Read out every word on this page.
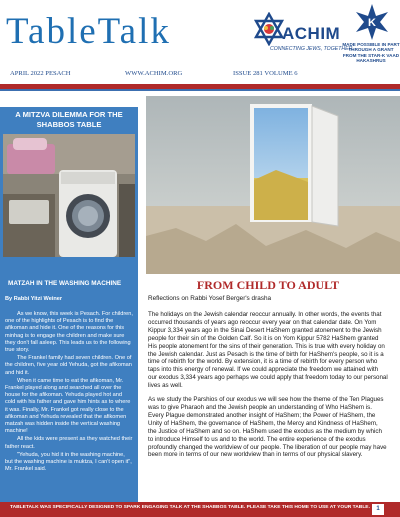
TableTalk	ACHIM
CONNECTING JEWS, TOGETHER
K
MADE POSSIBLE IN PART THROUGH A GRANT FROM THE STAR-K VAAD HAKASHRUS
APRIL 2022 PESACH	WWW.ACHIM.ORG	ISSUE 281 VOLUME 6
A MITZVA DILEMMA FOR THE SHABBOS TABLE
MATZAH IN THE WASHING MACHINE
By Rabbi Yitzi Weiner

As we know, this week is Pesach. For children, one of the highlights of Pesach is to find the afikoman and hide it. One of the reasons for this minhag is to engage the children and make sure they don't fall asleep. This leads us to the following true story.

The Frankel family had seven children. One of the children, five year old Yehuda, got the afikoman and hid it.

When it came time to eat the afikoman, Mr. Frankel played along and searched all over the house for the afikoman. Yehuda played hot and cold with his father and gave him hints as to where it was. Finally, Mr. Frankel got really close to the afikoman and Yehuda revealed that the afikomen matzah was hidden inside the vertical washing machine!

All the kids were present as they watched their father react.

"Yehuda, you hid it in the washing machine, but the washing machine is muktza, I can't open it", Mr. Frankel said.

FROM CHILD TO ADULT
Reflections on Rabbi Yosef Berger's drasha

The holidays on the Jewish calendar reoccur annually. In other words, the events that occurred thousands of years ago reoccur every year on that calendar date. On Yom Kippur 3,334 years ago in the Sinai Desert HaShem granted atonement to the Jewish people for their sin of the Golden Calf. So it is on Yom Kippur 5782 HaShem granted His people atonement for the sins of their generation. This is true with every holiday on the Jewish calendar. Just as Pesach is the time of birth for HaShem's people, so it is a time of rebirth for the world. By extension, it is a time of rebirth for every person who taps into this energy of renewal. If we could appreciate the freedom we attained with our exodus 3,334 years ago perhaps we could apply that freedom today to our personal lives as well.

As we study the Parshios of our exodus we will see how the theme of the Ten Plagues was to give Pharaoh and the Jewish people an understanding of Who HaShem is. Every Plague demonstrated another insight of HaShem; the Power of HaShem, the Unity of HaShem, the governance of HaShem, the Mercy and Kindness of HaShem, the Justice of HaShem and so on. HaShem used the exodus as the medium by which to introduce Himself to us and to the world. The entire experience of the exodus profoundly changed the worldview of our people. The liberation of our people may have been more in terms of our new worldview than in terms of our physical slavery.

TABLETALK WAS SPECIFICALLY DESIGNED TO SPARK ENGAGING TALK AT THE SHABBOS TABLE. PLEASE TAKE THIS HOME TO USE AT YOUR TABLE.	1
